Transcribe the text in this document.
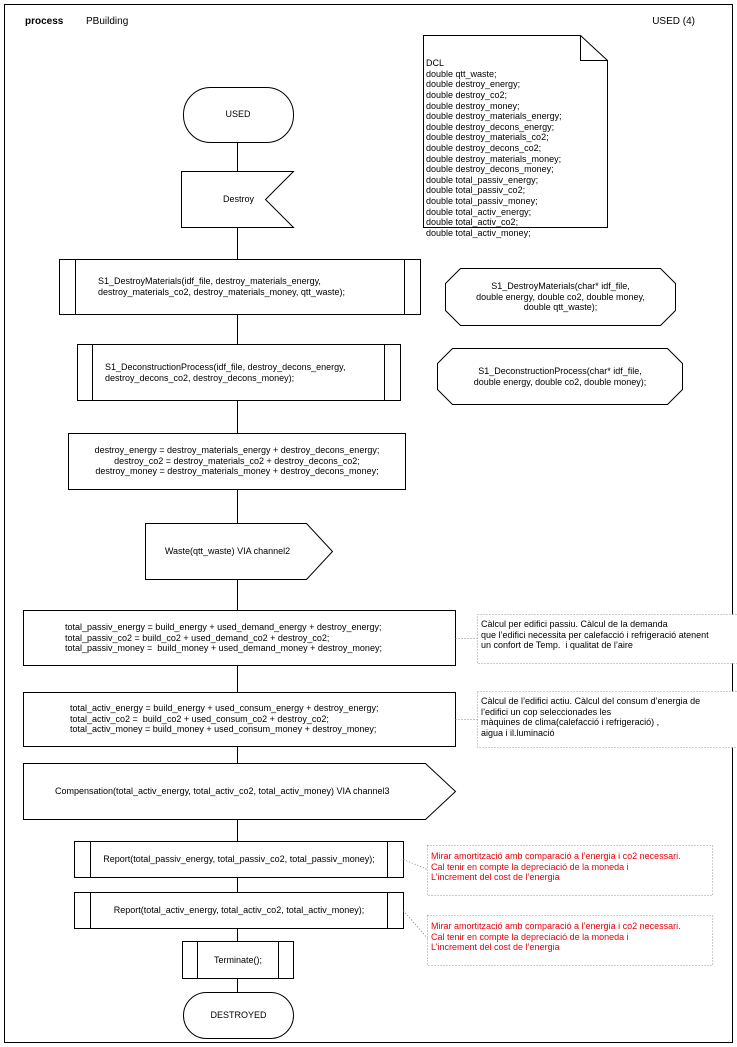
process PBuilding	USED (4)

DCL
double qtt_waste;
double destroy_energy;
double destroy_co2;
double destroy_money;
double destroy_materials_energy;
double destroy_decons_energy;
double destroy_materials_co2;
double destroy_decons_co2;
double destroy_materials_money;
double destroy_decons_money;
double total_passiv_energy;
double total_passiv_co2;
double total_passiv_money;
double total_activ_energy;
double total_activ_co2;
double total_activ_money;

USED
Destroy
S1_DestroyMaterials(idf_file, destroy_materials_energy,
destroy_materials_co2, destroy_materials_money, qtt_waste);
S1_DestroyMaterials(char* idf_file,
double energy, double co2, double money,
double qtt_waste);
S1_DeconstructionProcess(idf_file, destroy_decons_energy,
destroy_decons_co2, destroy_decons_money);
S1_DeconstructionProcess(char* idf_file,
double energy, double co2, double money);
destroy_energy = destroy_materials_energy + destroy_decons_energy;
destroy_co2 = destroy_materials_co2 + destroy_decons_co2;
destroy_money = destroy_materials_money + destroy_decons_money;
Waste(qtt_waste) VIA channel2
total_passiv_energy = build_energy + used_demand_energy + destroy_energy;
total_passiv_co2 = build_co2 + used_demand_co2 + destroy_co2;
total_passiv_money =  build_money + used_demand_money + destroy_money;
Càlcul per edifici passiu. Càlcul de la demanda
que l’edifici necessita per calefacció i refrigeració atenent
un confort de Temp.  i qualitat de l’aire
total_activ_energy = build_energy + used_consum_energy + destroy_energy;
total_activ_co2 =  build_co2 + used_consum_co2 + destroy_co2;
total_activ_money = build_money + used_consum_money + destroy_money;
Càlcul de l’edifici actiu. Càlcul del consum d’energia de
l’edifici un cop seleccionades les
màquines de clima(calefacció i refrigeració) ,
aigua i il.luminació
Compensation(total_activ_energy, total_activ_co2, total_activ_money) VIA channel3
Report(total_passiv_energy, total_passiv_co2, total_passiv_money);	Mirar amortització amb comparació a l’energia i co2 necessari.
Cal tenir en compte la depreciació de la moneda i
L’increment del cost de l’energia
Report(total_activ_energy, total_activ_co2, total_activ_money);
Mirar amortització amb comparació a l’energia i co2 necessari.
Cal tenir en compte la depreciació de la moneda i
L’increment del cost de l’energia
Terminate();
DESTROYED
